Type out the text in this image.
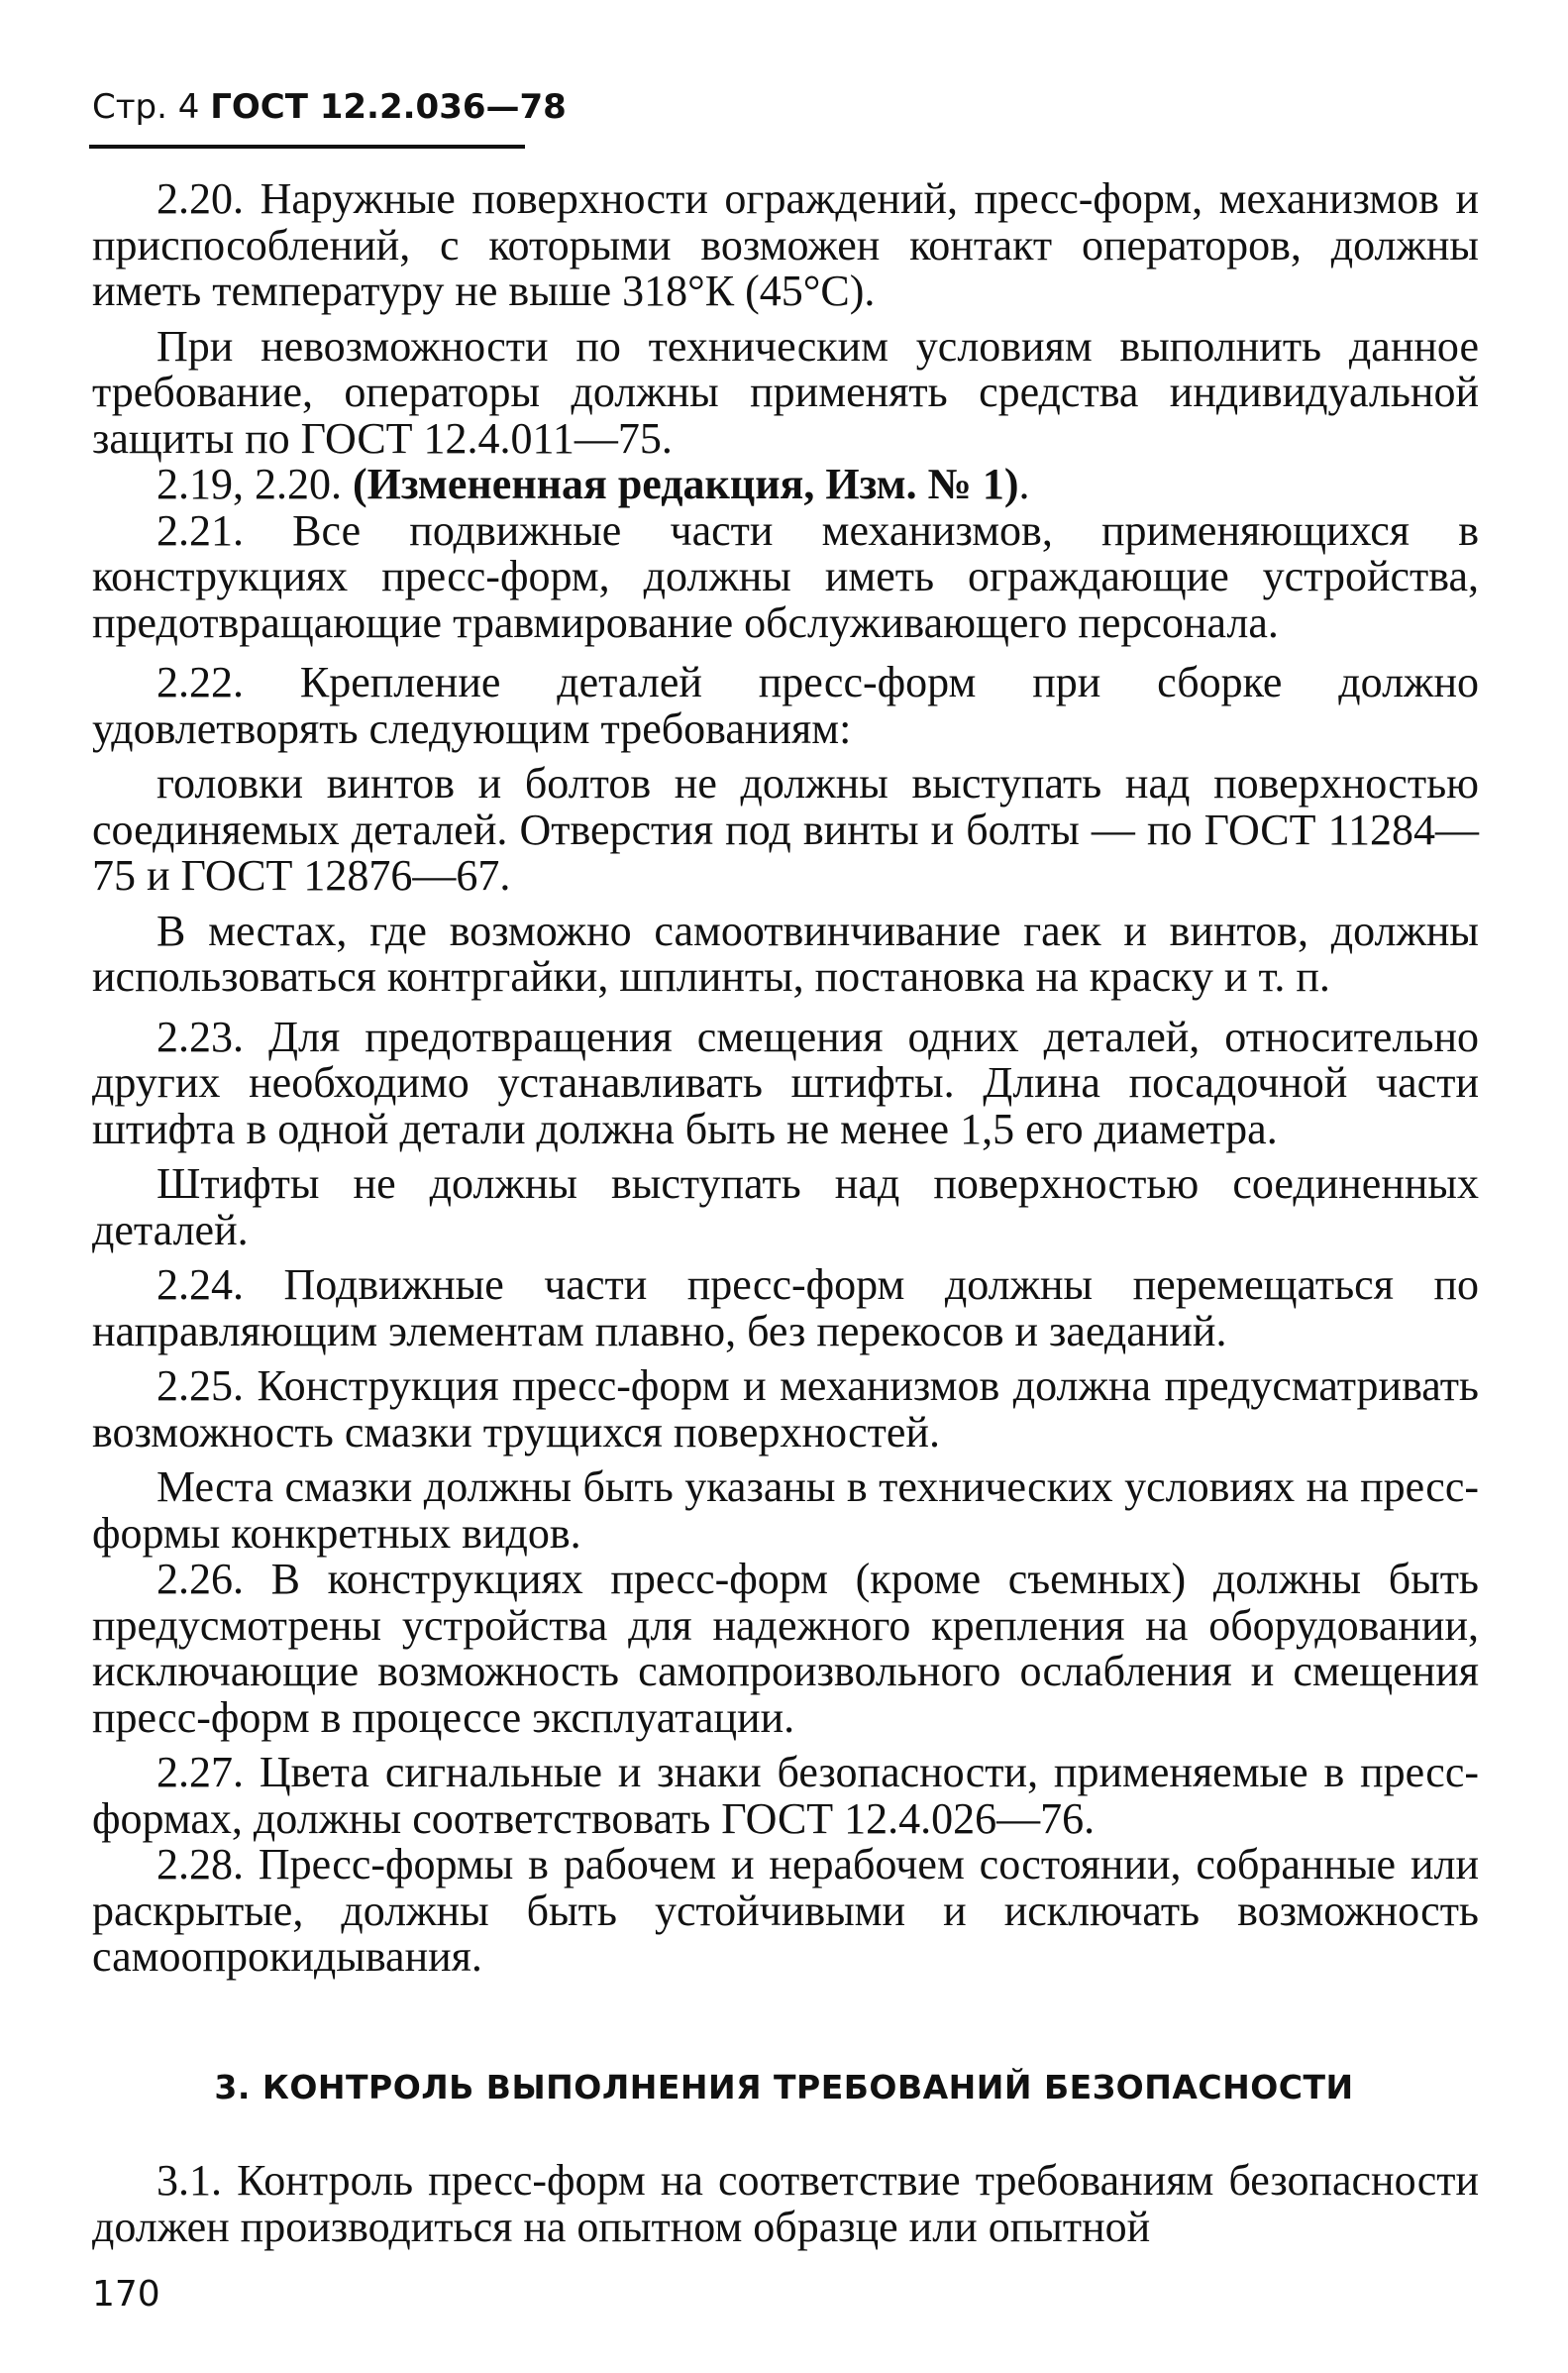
Стр. 4 ГОСТ 12.2.036—78

2.20. Наружные поверхности ограждений, пресс-форм, механизмов и приспособлений, с которыми возможен контакт операторов, должны иметь температуру не выше 318°К (45°С).

При невозможности по техническим условиям выполнить данное требование, операторы должны применять средства индивидуальной защиты по ГОСТ 12.4.011—75.

2.19, 2.20. (Измененная редакция, Изм. № 1).

2.21. Все подвижные части механизмов, применяющихся в конструкциях пресс-форм, должны иметь ограждающие устройства, предотвращающие травмирование обслуживающего персонала.

2.22. Крепление деталей пресс-форм при сборке должно удовлетворять следующим требованиям:

головки винтов и болтов не должны выступать над поверхностью соединяемых деталей. Отверстия под винты и болты — по ГОСТ 11284—75 и ГОСТ 12876—67.

В местах, где возможно самоотвинчивание гаек и винтов, должны использоваться контргайки, шплинты, постановка на краску и т. п.

2.23. Для предотвращения смещения одних деталей, относительно других необходимо устанавливать штифты. Длина посадочной части штифта в одной детали должна быть не менее 1,5 его диаметра.

Штифты не должны выступать над поверхностью соединенных деталей.

2.24. Подвижные части пресс-форм должны перемещаться по направляющим элементам плавно, без перекосов и заеданий.

2.25. Конструкция пресс-форм и механизмов должна предусматривать возможность смазки трущихся поверхностей.

Места смазки должны быть указаны в технических условиях на пресс-формы конкретных видов.

2.26. В конструкциях пресс-форм (кроме съемных) должны быть предусмотрены устройства для надежного крепления на оборудовании, исключающие возможность самопроизвольного ослабления и смещения пресс-форм в процессе эксплуатации.

2.27. Цвета сигнальные и знаки безопасности, применяемые в пресс-формах, должны соответствовать ГОСТ 12.4.026—76.

2.28. Пресс-формы в рабочем и нерабочем состоянии, собранные или раскрытые, должны быть устойчивыми и исключать возможность самоопрокидывания.

3. КОНТРОЛЬ ВЫПОЛНЕНИЯ ТРЕБОВАНИЙ БЕЗОПАСНОСТИ

3.1. Контроль пресс-форм на соответствие требованиям безопасности должен производиться на опытном образце или опытной

170
